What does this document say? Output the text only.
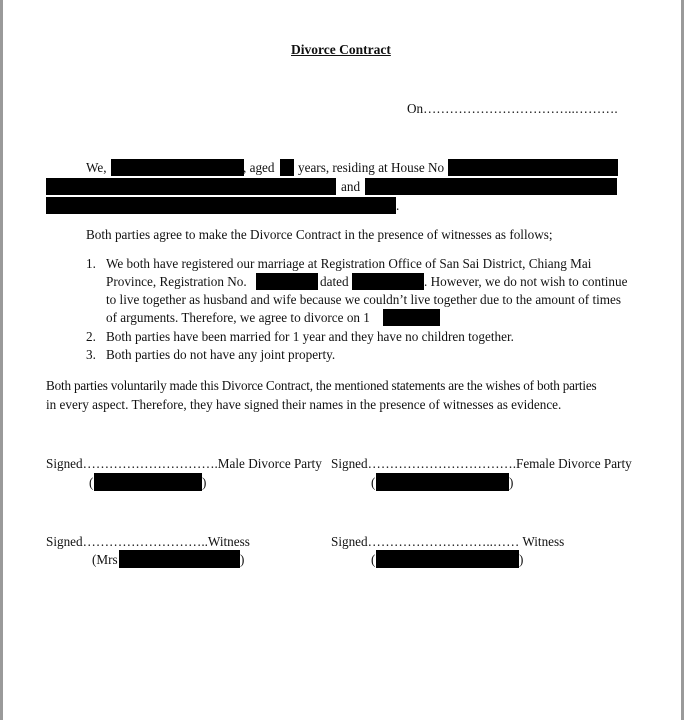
Divorce Contract
On……………………………..……….
We,	, aged years, residing at House No
and
.
Both parties agree to make the Divorce Contract in the presence of witnesses as follows;
1. We both have registered our marriage at Registration Office of San Sai District, Chiang Mai
Province, Registration No.	dated	. However, we do not wish to continue
to live together as husband and wife because we couldn’t live together due to the amount of times
of arguments. Therefore, we agree to divorce on 1
2. Both parties have been married for 1 year and they have no children together.
3. Both parties do not have any joint property.
Both parties voluntarily made this Divorce Contract, the mentioned statements are the wishes of both parties
in every aspect. Therefore, they have signed their names in the presence of witnesses as evidence.
Signed………………………….Male Divorce Party Signed…………………………….Female Divorce Party
(	)	(	)
Signed………………………..Witness	Signed………………………..…… Witness
(Mrs	)	(	)
